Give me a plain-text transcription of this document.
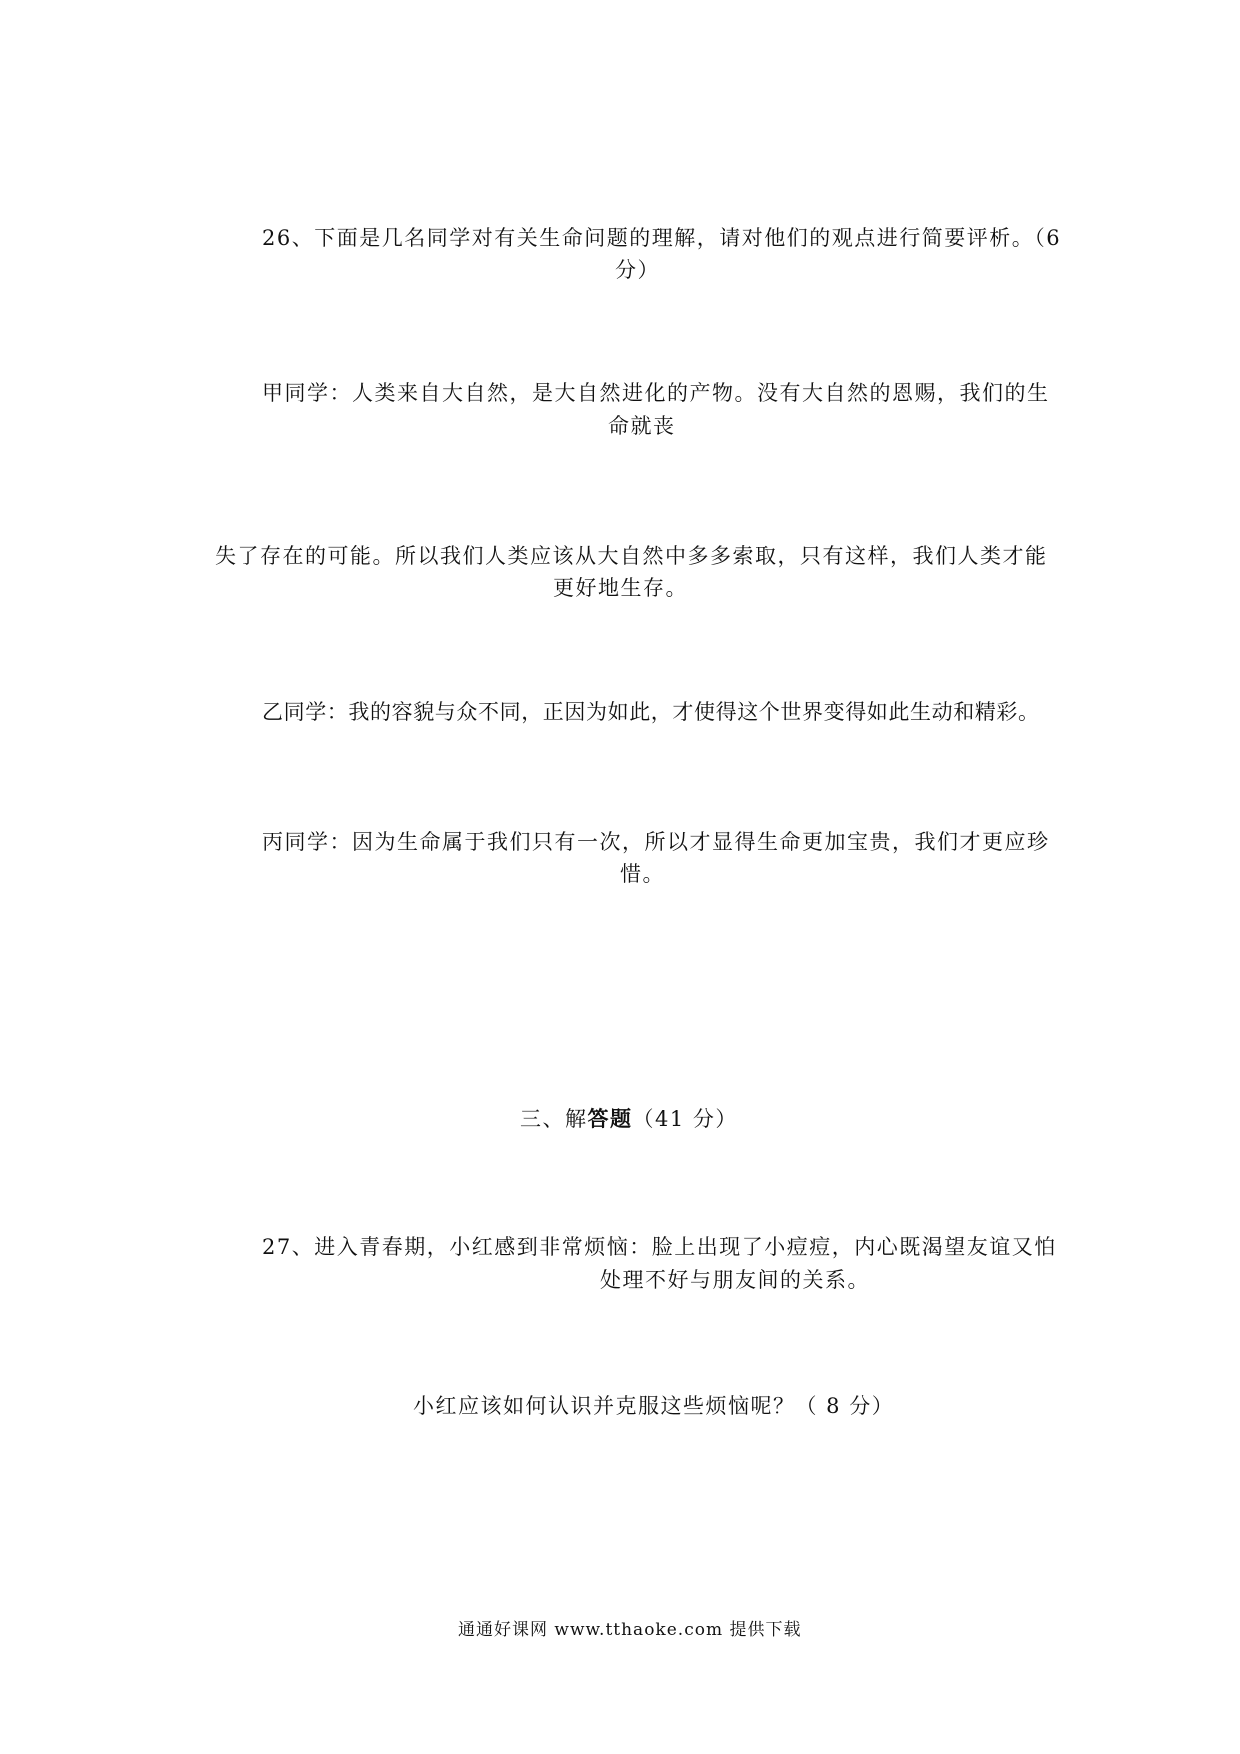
26、下面是几名同学对有关生命问题的理解，请对他们的观点进行简要评析。（6
分）
甲同学：人类来自大自然，是大自然进化的产物。没有大自然的恩赐，我们的生
命就丧
失了存在的可能。所以我们人类应该从大自然中多多索取，只有这样，我们人类才能
更好地生存。
乙同学：我的容貌与众不同，正因为如此，才使得这个世界变得如此生动和精彩。
丙同学：因为生命属于我们只有一次，所以才显得生命更加宝贵，我们才更应珍
惜。
三、解答题（41 分）
27、进入青春期，小红感到非常烦恼：脸上出现了小痘痘，内心既渴望友谊又怕
处理不好与朋友间的关系。
小红应该如何认识并克服这些烦恼呢？（ 8 分）
通通好课网 www.tthaoke.com 提供下载
